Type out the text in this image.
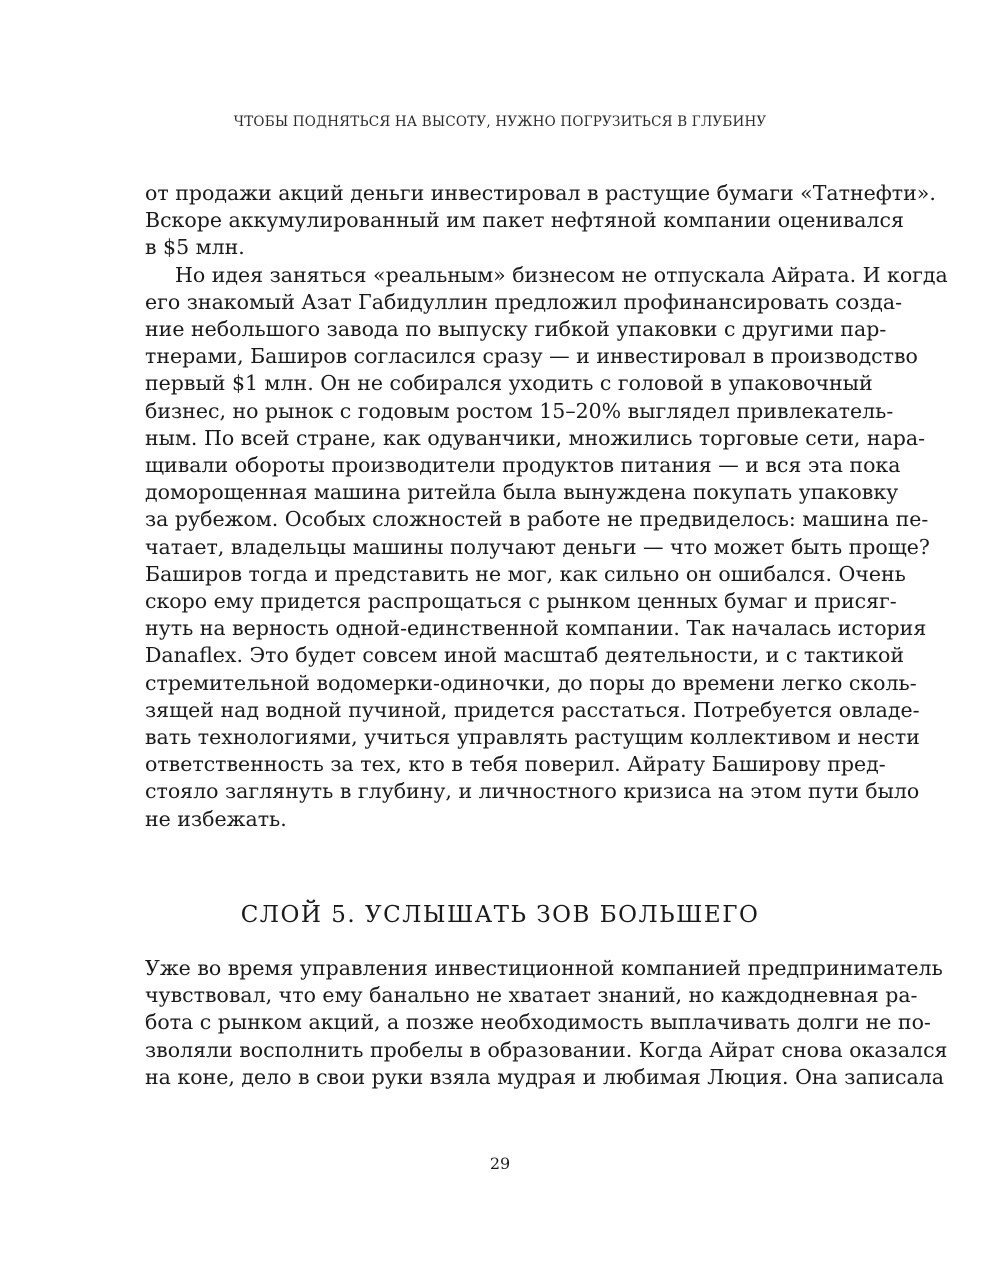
ЧТОБЫ ПОДНЯТЬСЯ НА ВЫСОТУ, НУЖНО ПОГРУЗИТЬСЯ В ГЛУБИНУ
от продажи акций деньги инвестировал в растущие бумаги «Татнефти».
Вскоре аккумулированный им пакет нефтяной компании оценивался
в $5 млн.
Но идея заняться «реальным» бизнесом не отпускала Айрата. И когда
его знакомый Азат Габидуллин предложил профинансировать созда-
ние небольшого завода по выпуску гибкой упаковки с другими пар-
тнерами, Баширов согласился сразу — и инвестировал в производство
первый $1 млн. Он не собирался уходить с головой в упаковочный
бизнес, но рынок с годовым ростом 15–20% выглядел привлекатель-
ным. По всей стране, как одуванчики, множились торговые сети, нара-
щивали обороты производители продуктов питания — и вся эта пока
доморощенная машина ритейла была вынуждена покупать упаковку
за рубежом. Особых сложностей в работе не предвиделось: машина пе-
чатает, владельцы машины получают деньги — что может быть проще?
Баширов тогда и представить не мог, как сильно он ошибался. Очень
скоро ему придется распрощаться с рынком ценных бумаг и присяг-
нуть на верность одной-единственной компании. Так началась история
Danaflex. Это будет совсем иной масштаб деятельности, и с тактикой
стремительной водомерки-одиночки, до поры до времени легко сколь-
зящей над водной пучиной, придется расстаться. Потребуется овладе-
вать технологиями, учиться управлять растущим коллективом и нести
ответственность за тех, кто в тебя поверил. Айрату Баширову пред-
стояло заглянуть в глубину, и личностного кризиса на этом пути было
не избежать.
СЛОЙ 5. УСЛЫШАТЬ ЗОВ БОЛЬШЕГО
Уже во время управления инвестиционной компанией предприниматель
чувствовал, что ему банально не хватает знаний, но каждодневная ра-
бота с рынком акций, а позже необходимость выплачивать долги не по-
зволяли восполнить пробелы в образовании. Когда Айрат снова оказался
на коне, дело в свои руки взяла мудрая и любимая Люция. Она записала
29
